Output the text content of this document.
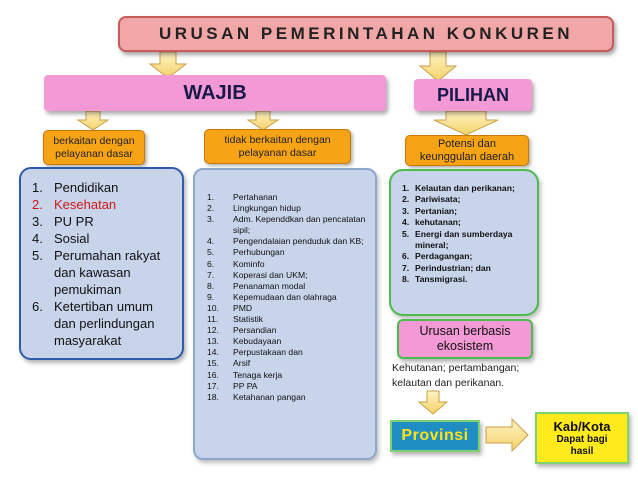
URUSAN PEMERINTAHAN KONKUREN
WAJIB	PILIHAN
berkaitan dengan pelayanan dasar
tidak berkaitan dengan pelayanan dasar
Potensi dan keunggulan daerah
1. Pendidikan
2. Kesehatan
3. PU PR
4. Sosial
5. Perumahan rakyat dan kawasan pemukiman
6. Ketertiban umum dan perlindungan masyarakat
1.	Pertahanan
2.	Lingkungan hidup
3.	Adm. Kependdkan dan pencatatan sipil;
4.	Pengendalaian penduduk dan KB;
5.	Perhubungan
6.	Kominfo
7.	Koperasi dan UKM;
8.	Penanaman modal
9.	Kepemudaan dan olahraga
10.	PMD
11.	Statistik
12.	Persandian
13.	Kebudayaan
14.	Perpustakaan dan
15.	Arsif
16.	Tenaga kerja
17.	PP PA
18.	Ketahanan pangan
1. Kelautan dan perikanan;
2. Pariwisata;
3. Pertanian;
4. kehutanan;
5. Energi dan sumberdaya mineral;
6. Perdagangan;
7. Perindustrian; dan
8. Tansmigrasi.
Urusan berbasis ekosistem
Kehutanan; pertambangan; kelautan dan perikanan.
Provinsi
Kab/Kota
Dapat bagi hasil
